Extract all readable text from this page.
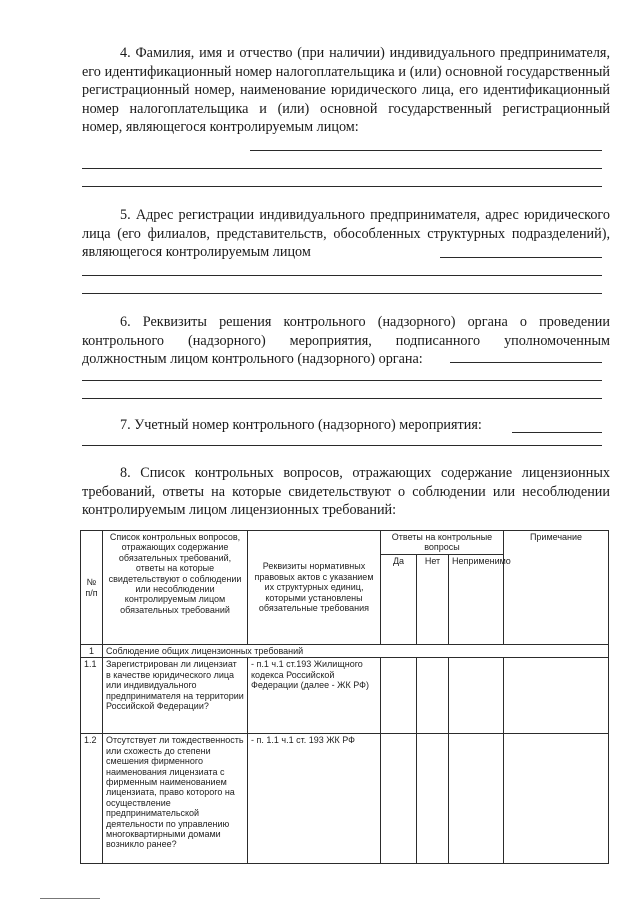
4. Фамилия, имя и отчество (при наличии) индивидуального предпринимателя, его идентификационный номер налогоплательщика и (или) основной государственный регистрационный номер, наименование юридического лица, его идентификационный номер налогоплательщика и (или) основной государственный регистрационный номер, являющегося контролируемым лицом:
5. Адрес регистрации индивидуального предпринимателя, адрес юридического лица (его филиалов, представительств, обособленных структурных подразделений), являющегося контролируемым лицом
6. Реквизиты решения контрольного (надзорного) органа о проведении контрольного (надзорного) мероприятия, подписанного уполномоченным должностным лицом контрольного (надзорного) органа:
7. Учетный номер контрольного (надзорного) мероприятия:
8. Список контрольных вопросов, отражающих содержание лицензионных требований, ответы на которые свидетельствуют о соблюдении или несоблюдении контролируемым лицом лицензионных требований:
№ п/п	Список контрольных вопросов, отражающих содержание обязательных требований, ответы на которые свидетельствуют о соблюдении или несоблюдении контролируемым лицом обязательных требований	Реквизиты нормативных правовых актов с указанием их структурных единиц, которыми установлены обязательные требования	Ответы на контрольные вопросы			Примечание
			Да	Нет	Неприменимо	
1	Соблюдение общих лицензионных требований					
1.1	Зарегистрирован ли лицензиат в качестве юридического лица или индивидуального предпринимателя на территории Российской Федерации?	- п.1 ч.1 ст.193 Жилищного кодекса Российской Федерации (далее - ЖК РФ)				
1.2	Отсутствует ли тождественность или схожесть до степени смешения фирменного наименования лицензиата с фирменным наименованием лицензиата, право которого на осуществление предпринимательской деятельности по управлению многоквартирными домами возникло ранее?	- п. 1.1 ч.1 ст. 193 ЖК РФ				
